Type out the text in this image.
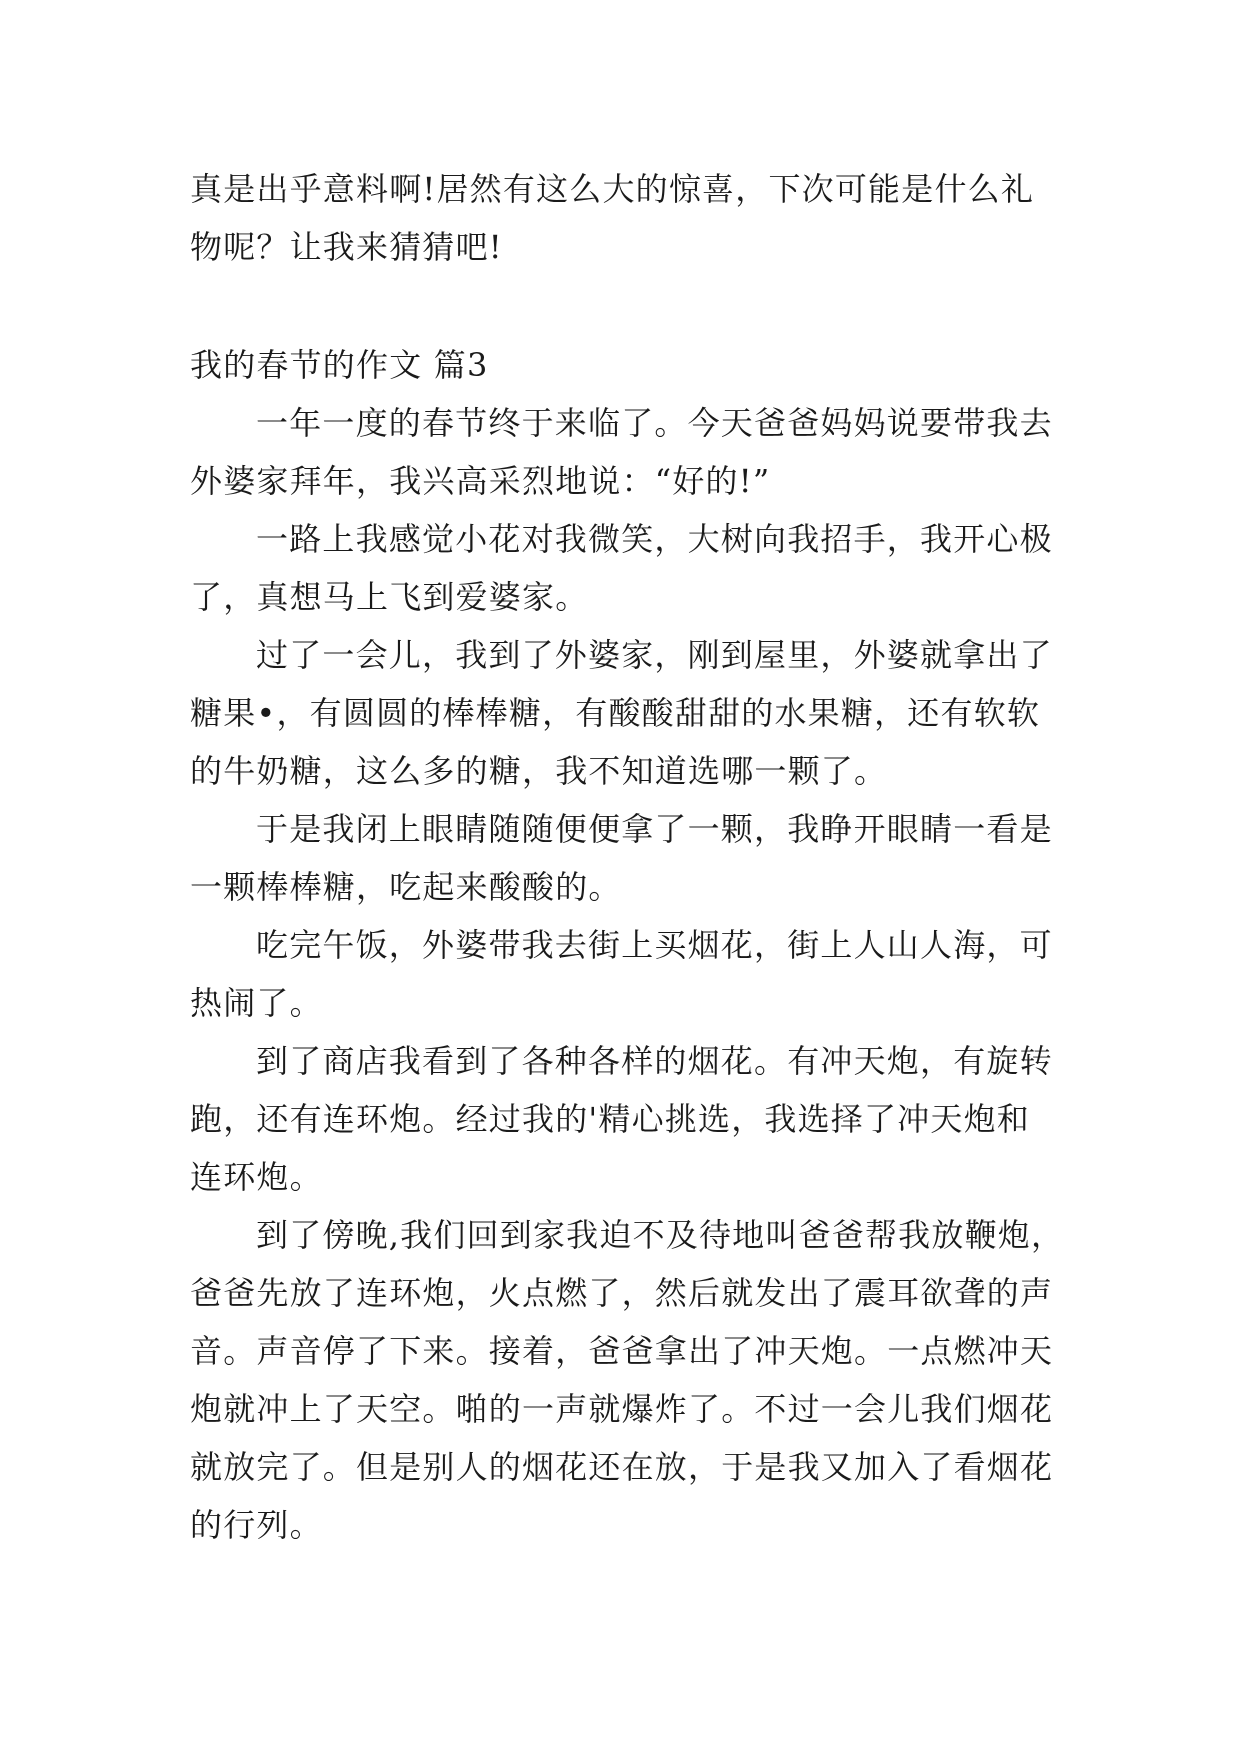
真是出乎意料啊!居然有这么大的惊喜，下次可能是什么礼
物呢？让我来猜猜吧!
我的春节的作文 篇3
一年一度的春节终于来临了。今天爸爸妈妈说要带我去
外婆家拜年，我兴高采烈地说：“好的!”
一路上我感觉小花对我微笑，大树向我招手，我开心极
了，真想马上飞到爱婆家。
过了一会儿，我到了外婆家，刚到屋里，外婆就拿出了
糖果•，有圆圆的棒棒糖，有酸酸甜甜的水果糖，还有软软
的牛奶糖，这么多的糖，我不知道选哪一颗了。
于是我闭上眼睛随随便便拿了一颗，我睁开眼睛一看是
一颗棒棒糖，吃起来酸酸的。
吃完午饭，外婆带我去街上买烟花，街上人山人海，可
热闹了。
到了商店我看到了各种各样的烟花。有冲天炮，有旋转
跑，还有连环炮。经过我的'精心挑选，我选择了冲天炮和
连环炮。
到了傍晚,我们回到家我迫不及待地叫爸爸帮我放鞭炮，
爸爸先放了连环炮，火点燃了，然后就发出了震耳欲聋的声
音。声音停了下来。接着，爸爸拿出了冲天炮。一点燃冲天
炮就冲上了天空。啪的一声就爆炸了。不过一会儿我们烟花
就放完了。但是别人的烟花还在放，于是我又加入了看烟花
的行列。
